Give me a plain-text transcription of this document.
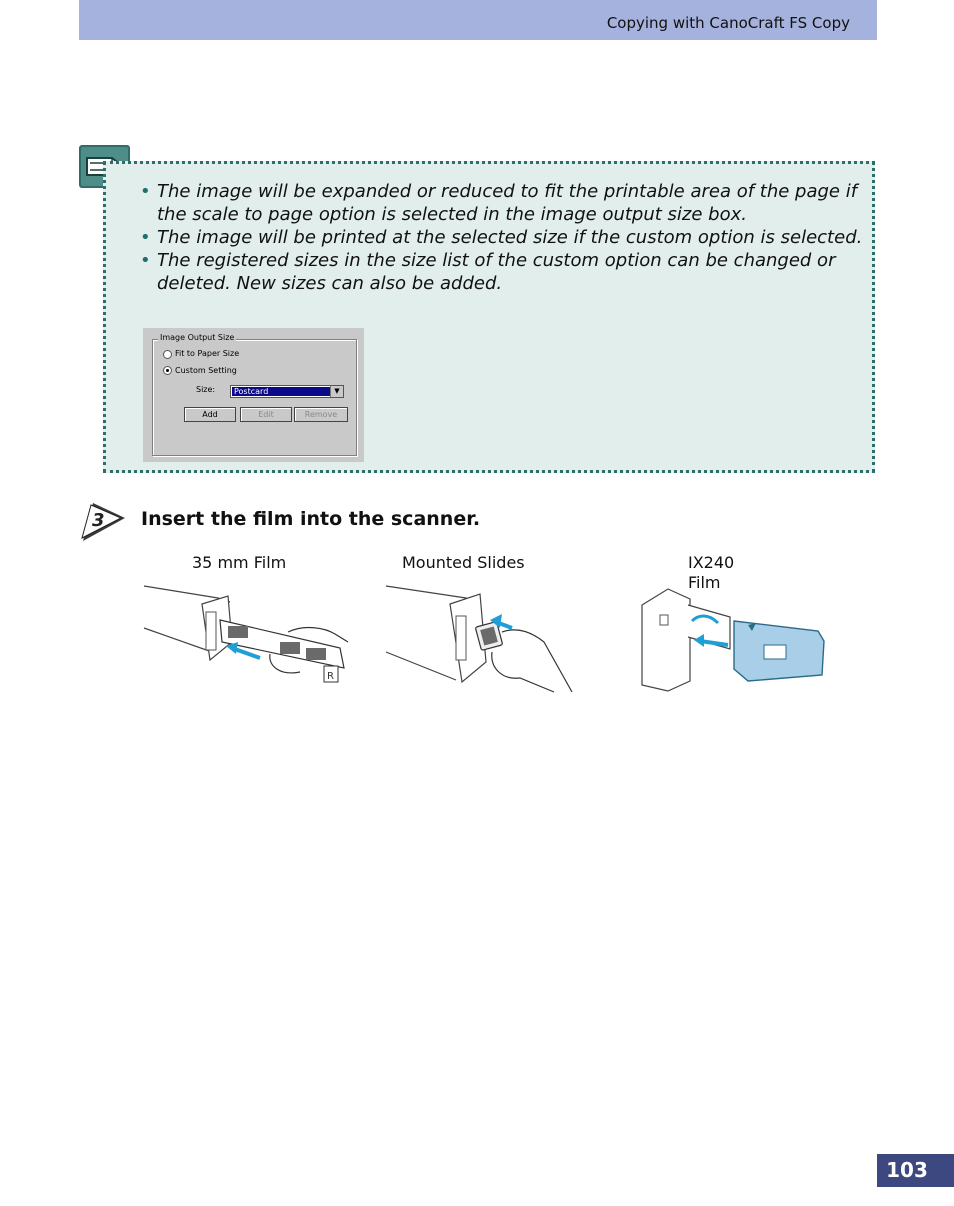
Copying with CanoCraft FS Copy
• The image will be expanded or reduced to fit the printable area of the page if the scale to page option is selected in the image output size box.
• The image will be printed at the selected size if the custom option is selected.
• The registered sizes in the size list of the custom option can be changed or deleted. New sizes can also be added.
Image Output Size
Fit to Paper Size
Custom Setting
Size: Postcard	▼
Add	Edit	Remove
3 Insert the film into the scanner.
35 mm Film	Mounted Slides	IX240
Film
R
103
